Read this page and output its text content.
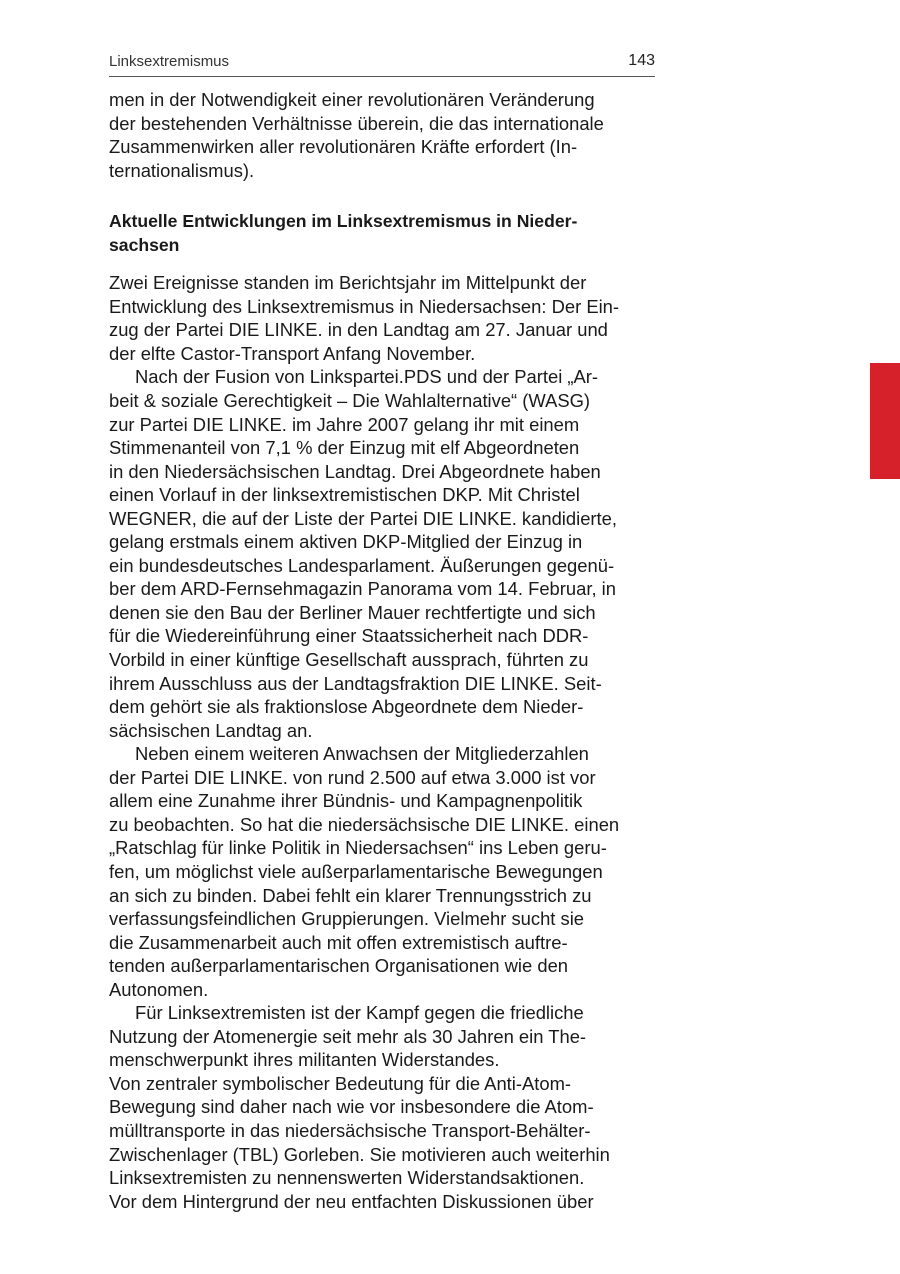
Linksextremismus	143
men in der Notwendigkeit einer revolutionären Veränderung
der bestehenden Verhältnisse überein, die das internationale
Zusammenwirken aller revolutionären Kräfte erfordert (In-
ternationalismus).
Aktuelle Entwicklungen im Linksextremismus in Nieder-
sachsen
Zwei Ereignisse standen im Berichtsjahr im Mittelpunkt der
Entwicklung des Linksextremismus in Niedersachsen: Der Ein-
zug der Partei DIE LINKE. in den Landtag am 27. Januar und
der elfte Castor-Transport Anfang November.
Nach der Fusion von Linkspartei.PDS und der Partei „Ar-
beit & soziale Gerechtigkeit – Die Wahlalternative“ (WASG)
zur Partei DIE LINKE. im Jahre 2007 gelang ihr mit einem
Stimmenanteil von 7,1 % der Einzug mit elf Abgeordneten
in den Niedersächsischen Landtag. Drei Abgeordnete haben
einen Vorlauf in der linksextremistischen DKP. Mit Christel
WEGNER, die auf der Liste der Partei DIE LINKE. kandidierte,
gelang erstmals einem aktiven DKP-Mitglied der Einzug in
ein bundesdeutsches Landesparlament. Äußerungen gegenü-
ber dem ARD-Fernsehmagazin Panorama vom 14. Februar, in
denen sie den Bau der Berliner Mauer rechtfertigte und sich
für die Wiedereinführung einer Staatssicherheit nach DDR-
Vorbild in einer künftige Gesellschaft aussprach, führten zu
ihrem Ausschluss aus der Landtagsfraktion DIE LINKE. Seit-
dem gehört sie als fraktionslose Abgeordnete dem Nieder-
sächsischen Landtag an.
Neben einem weiteren Anwachsen der Mitgliederzahlen
der Partei DIE LINKE. von rund 2.500 auf etwa 3.000 ist vor
allem eine Zunahme ihrer Bündnis- und Kampagnenpolitik
zu beobachten. So hat die niedersächsische DIE LINKE. einen
„Ratschlag für linke Politik in Niedersachsen“ ins Leben geru-
fen, um möglichst viele außerparlamentarische Bewegungen
an sich zu binden. Dabei fehlt ein klarer Trennungsstrich zu
verfassungsfeindlichen Gruppierungen. Vielmehr sucht sie
die Zusammenarbeit auch mit offen extremistisch auftre-
tenden außerparlamentarischen Organisationen wie den
Autonomen.
Für Linksextremisten ist der Kampf gegen die friedliche
Nutzung der Atomenergie seit mehr als 30 Jahren ein The-
menschwerpunkt ihres militanten Widerstandes.
Von zentraler symbolischer Bedeutung für die Anti-Atom-
Bewegung sind daher nach wie vor insbesondere die Atom-
mülltransporte in das niedersächsische Transport-Behälter-
Zwischenlager (TBL) Gorleben. Sie motivieren auch weiterhin
Linksextremisten zu nennenswerten Widerstandsaktionen.
Vor dem Hintergrund der neu entfachten Diskussionen über
